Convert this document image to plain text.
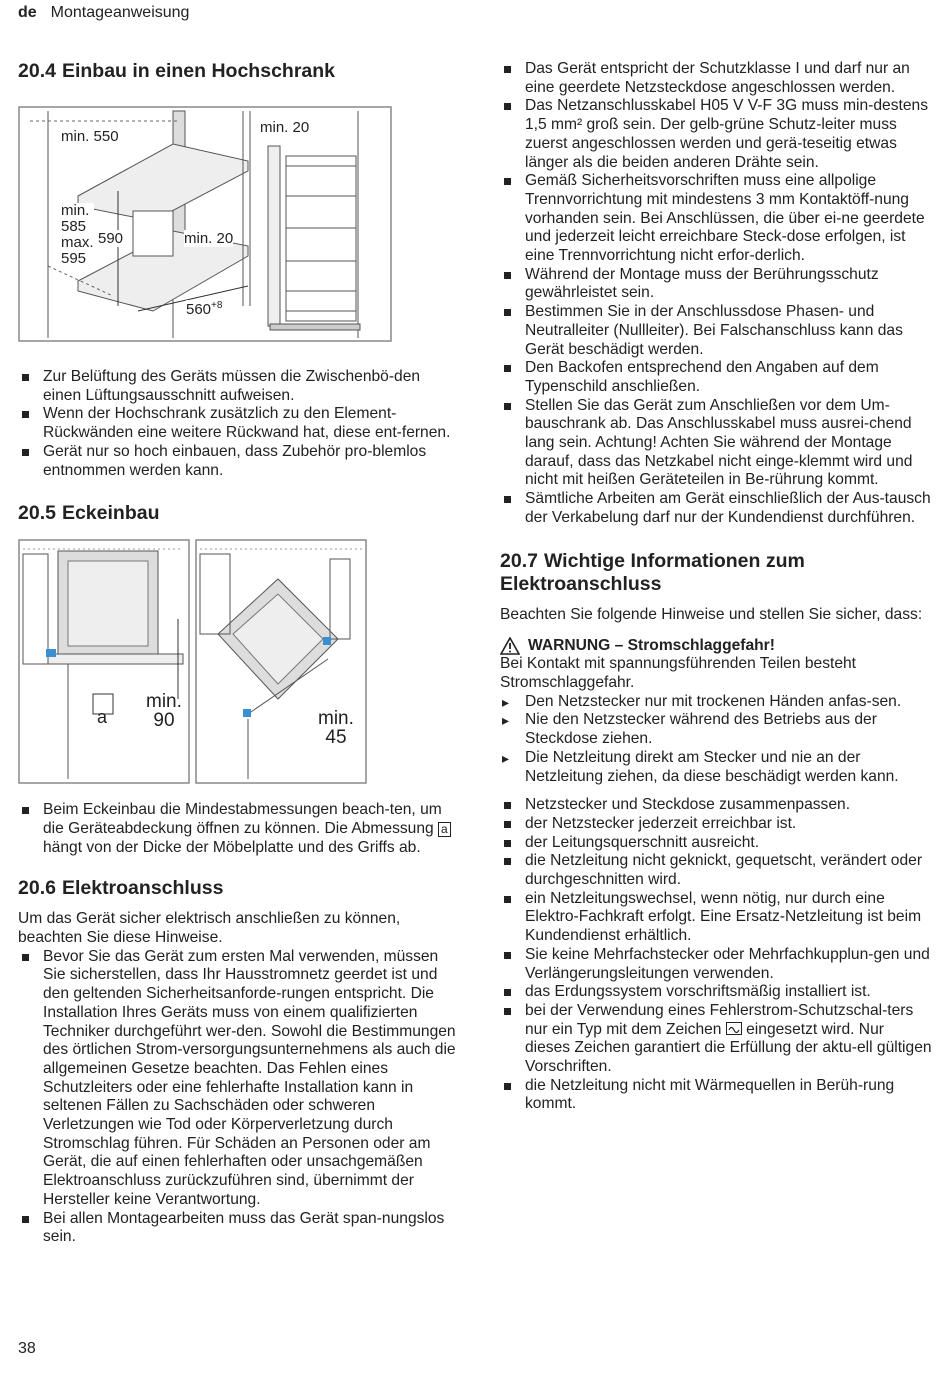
de Montageanweisung
20.4 Einbau in einen Hochschrank
min. 550
min. 20
min.
585
max.
595
590	min. 20
$560^{+8}$
Zur Belüftung des Geräts müssen die Zwischenbö-den einen Lüftungsausschnitt aufweisen.
Wenn der Hochschrank zusätzlich zu den Element-Rückwänden eine weitere Rückwand hat, diese ent-fernen.
Gerät nur so hoch einbauen, dass Zubehör pro-blemlos entnommen werden kann.
20.5 Eckeinbau
min.
90
a	min.
45
Beim Eckeinbau die Mindestabmessungen beach-ten, um die Geräteabdeckung öffnen zu können. Die Abmessung a hängt von der Dicke der Möbelplatte und des Griffs ab.
20.6 Elektroanschluss

Um das Gerät sicher elektrisch anschließen zu können, beachten Sie diese Hinweise.

Bevor Sie das Gerät zum ersten Mal verwenden, müssen Sie sicherstellen, dass Ihr Hausstromnetz geerdet ist und den geltenden Sicherheitsanforde-rungen entspricht. Die Installation Ihres Geräts muss von einem qualifizierten Techniker durchgeführt wer-den. Sowohl die Bestimmungen des örtlichen Strom-versorgungsunternehmens als auch die allgemeinen Gesetze beachten. Das Fehlen eines Schutzleiters oder eine fehlerhafte Installation kann in seltenen Fällen zu Sachschäden oder schweren Verletzungen wie Tod oder Körperverletzung durch Stromschlag führen. Für Schäden an Personen oder am Gerät, die auf einen fehlerhaften oder unsachgemäßen Elektroanschluss zurückzuführen sind, übernimmt der Hersteller keine Verantwortung.
Bei allen Montagearbeiten muss das Gerät span-nungslos sein.
38
Das Gerät entspricht der Schutzklasse I und darf nur an eine geerdete Netzsteckdose angeschlossen werden.
Das Netzanschlusskabel H05 V V-F 3G muss min-destens 1,5 mm² groß sein. Der gelb-grüne Schutz-leiter muss zuerst angeschlossen werden und gerä-teseitig etwas länger als die beiden anderen Drähte sein.
Gemäß Sicherheitsvorschriften muss eine allpolige Trennvorrichtung mit mindestens 3 mm Kontaktöff-nung vorhanden sein. Bei Anschlüssen, die über ei-ne geerdete und jederzeit leicht erreichbare Steck-dose erfolgen, ist eine Trennvorrichtung nicht erfor-derlich.
Während der Montage muss der Berührungsschutz gewährleistet sein.
Bestimmen Sie in der Anschlussdose Phasen- und Neutralleiter (Nullleiter). Bei Falschanschluss kann das Gerät beschädigt werden.
Den Backofen entsprechend den Angaben auf dem Typenschild anschließen.
Stellen Sie das Gerät zum Anschließen vor dem Um-bauschrank ab. Das Anschlusskabel muss ausrei-chend lang sein. Achtung! Achten Sie während der Montage darauf, dass das Netzkabel nicht einge-klemmt wird und nicht mit heißen Geräteteilen in Be-rührung kommt.
Sämtliche Arbeiten am Gerät einschließlich der Aus-tausch der Verkabelung darf nur der Kundendienst durchführen.
20.7 Wichtige Informationen zum Elektroanschluss

Beachten Sie folgende Hinweise und stellen Sie sicher, dass:

WARNUNG – Stromschlaggefahr!

Bei Kontakt mit spannungsführenden Teilen besteht Stromschlaggefahr.

▸ Den Netzstecker nur mit trockenen Händen anfas-sen.
▸ Nie den Netzstecker während des Betriebs aus der Steckdose ziehen.
▸ Die Netzleitung direkt am Stecker und nie an der Netzleitung ziehen, da diese beschädigt werden kann.
Netzstecker und Steckdose zusammenpassen.
der Netzstecker jederzeit erreichbar ist.
der Leitungsquerschnitt ausreicht.
die Netzleitung nicht geknickt, gequetscht, verändert oder durchgeschnitten wird.
ein Netzleitungswechsel, wenn nötig, nur durch eine Elektro-Fachkraft erfolgt. Eine Ersatz-Netzleitung ist beim Kundendienst erhältlich.
Sie keine Mehrfachstecker oder Mehrfachkupplun-gen und Verlängerungsleitungen verwenden.
das Erdungssystem vorschriftsmäßig installiert ist.
bei der Verwendung eines Fehlerstrom-Schutzschal-ters nur ein Typ mit dem Zeichen  eingesetzt wird. Nur dieses Zeichen garantiert die Erfüllung der aktu-ell gültigen Vorschriften.
die Netzleitung nicht mit Wärmequellen in Berüh-rung kommt.
